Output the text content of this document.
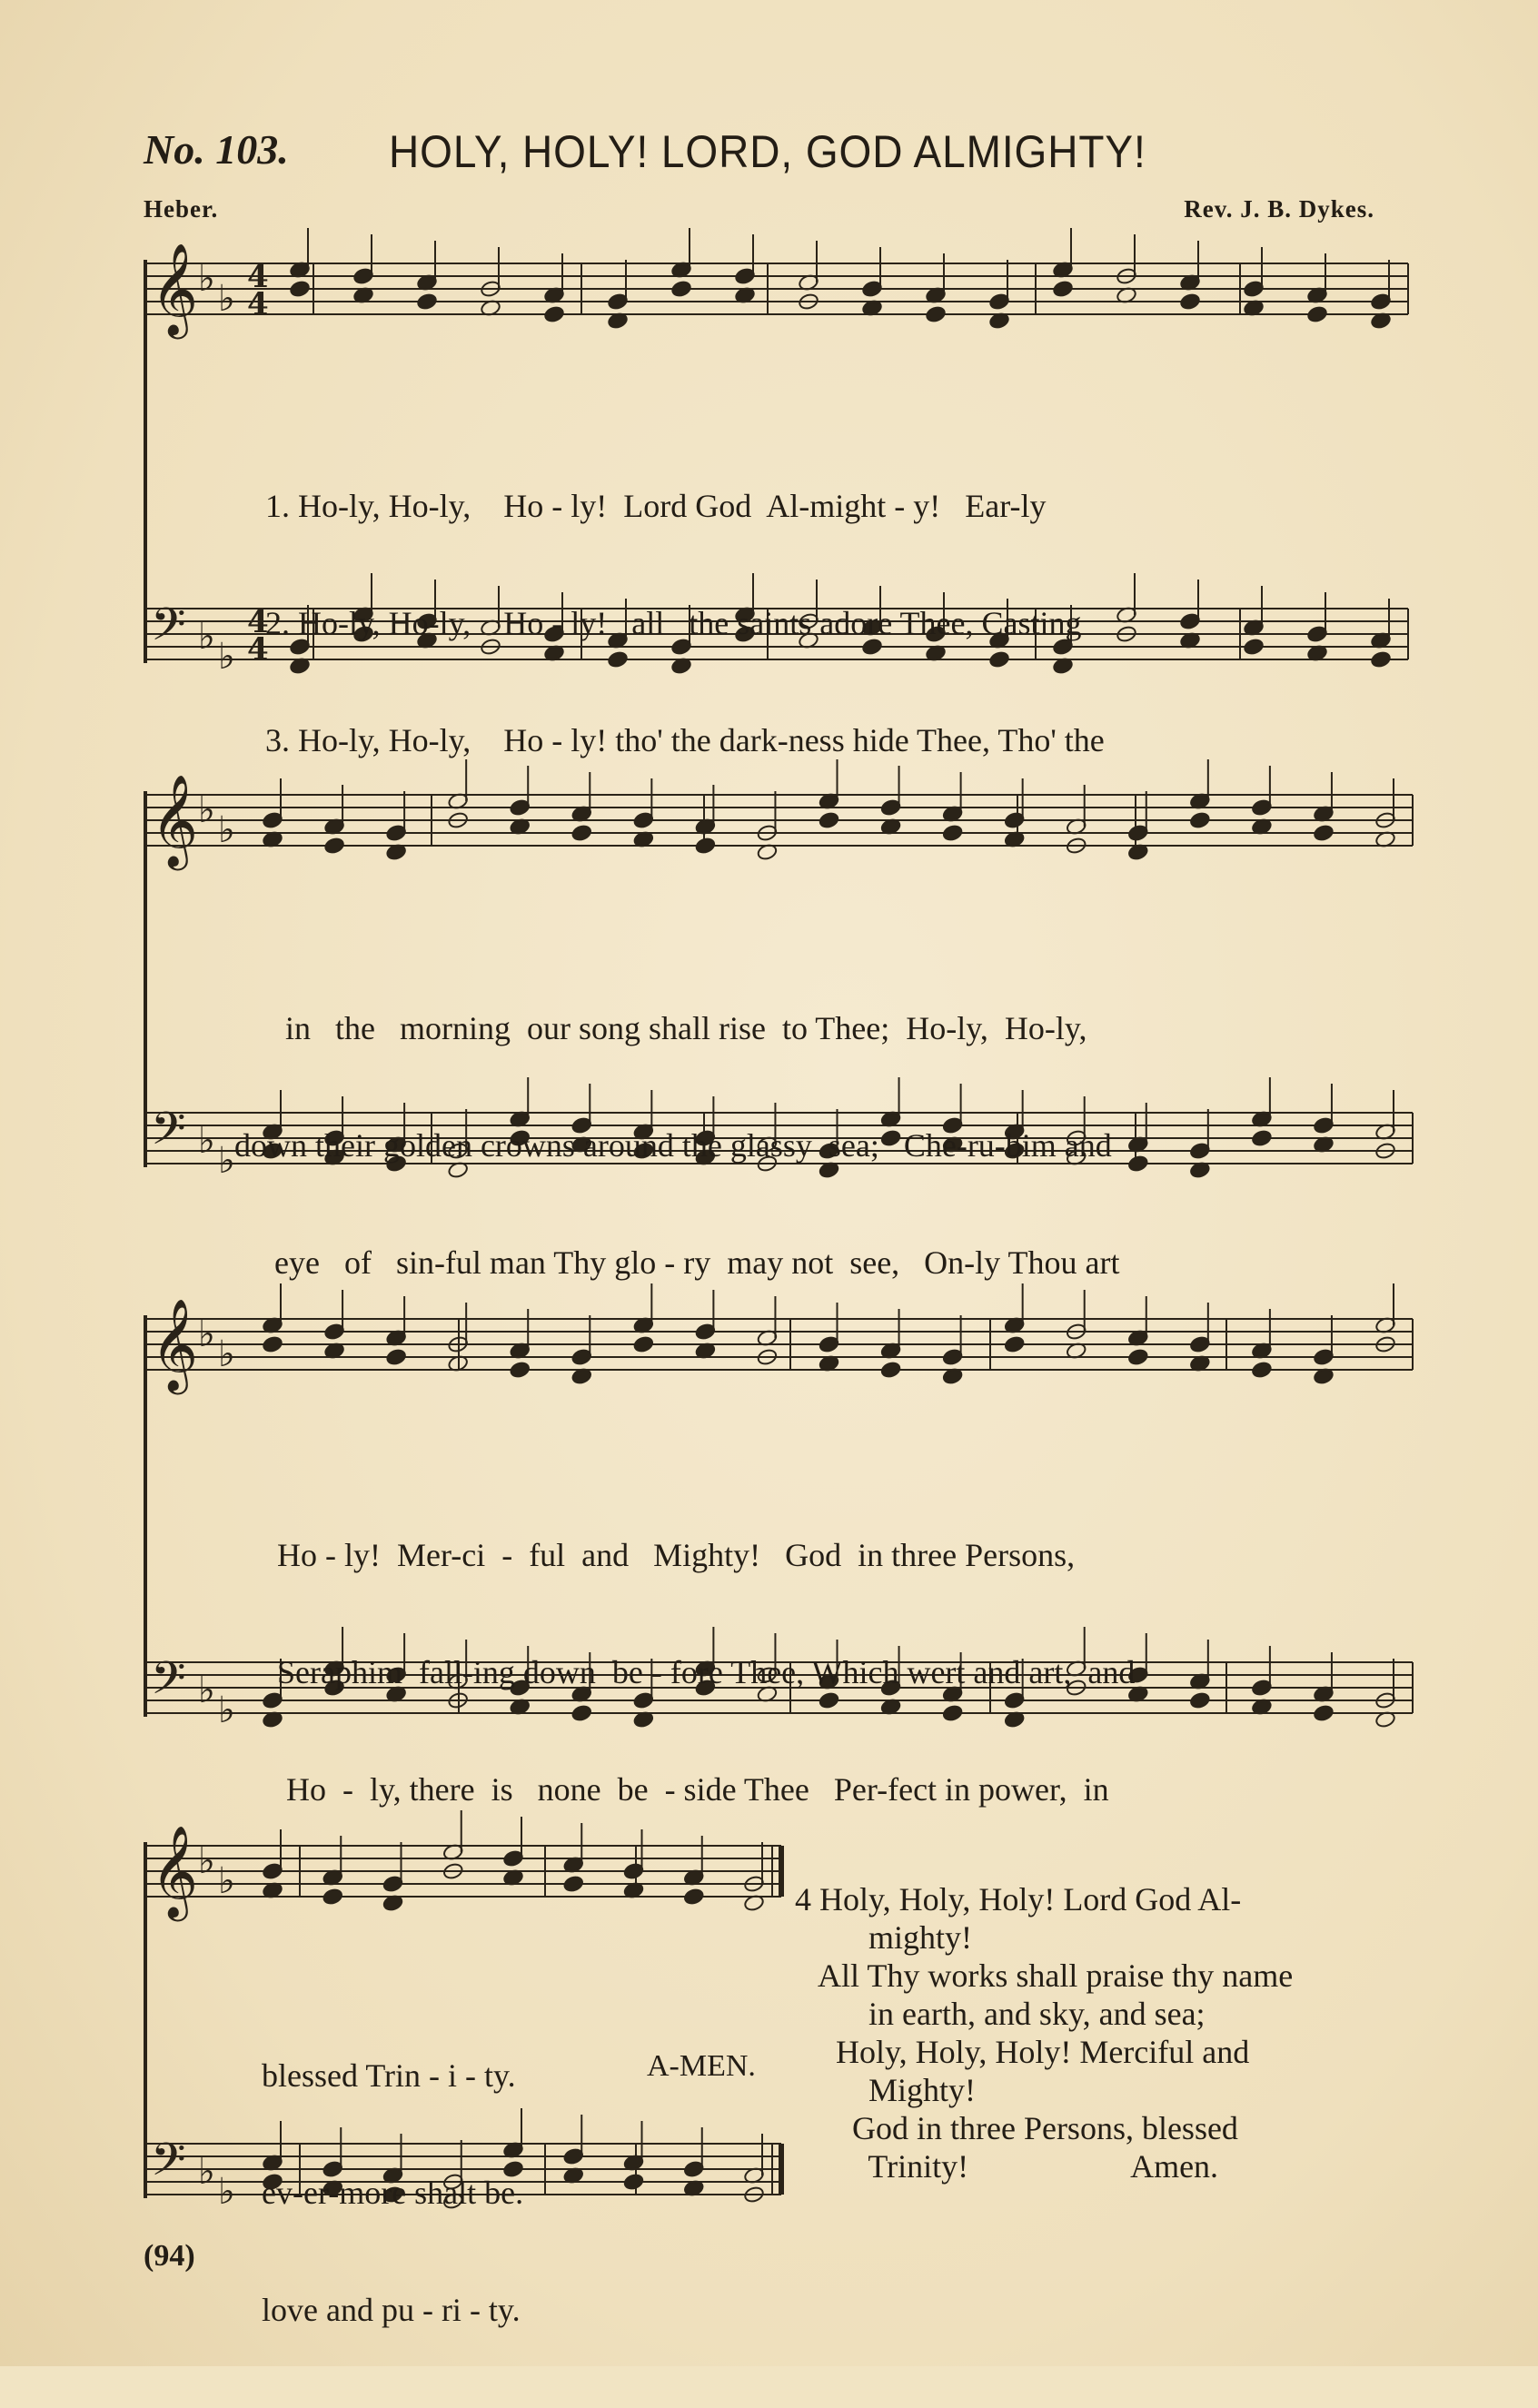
No. 103. HOLY, HOLY! LORD, GOD ALMIGHTY!
Heber.	Rev. J. B. Dykes.
𝄞 ♭ ♭
4
4
𝄢 ♭ ♭
4
4
𝄞 ♭ ♭
𝄢 ♭ ♭
𝄞 ♭ ♭
𝄢 ♭ ♭
𝄞 ♭ ♭
𝄢 ♭ ♭

1. Ho-ly, Ho-ly,    Ho - ly!  Lord God  Al-might - y!   Ear-ly

2. Ho-ly, Ho-ly,    Ho - ly!   all   the saints adore Thee, Casting

3. Ho-ly, Ho-ly,    Ho - ly! tho' the dark-ness hide Thee, Tho' the

in   the   morning  our song shall rise  to Thee;  Ho-ly,  Ho-ly,

down their golden crowns around the glassy  sea;   Che-ru-bim and

eye   of   sin-ful man Thy glo - ry  may not  see,   On-ly Thou art

Ho - ly!  Mer-ci  -  ful  and   Mighty!   God  in three Persons,

Seraphim  fall-ing down  be - fore Thee, Which wert and art,  and

Ho  -  ly, there  is   none  be  - side Thee   Per-fect in power,  in

blessed Trin - i - ty.

ev-er-more shalt be.

love and pu - ri - ty.

A-MEN.
4 Holy, Holy, Holy! Lord God Al-
mighty!
All Thy works shall praise thy name
in earth, and sky, and sea;
Holy, Holy, Holy! Merciful and
Mighty!
God in three Persons, blessed
Trinity!                    Amen.
(94)
